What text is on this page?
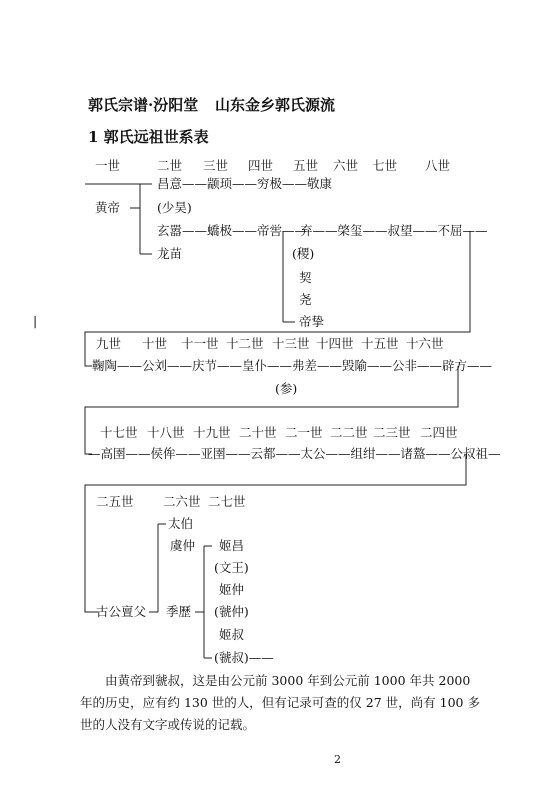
|
郭氏宗谱·汾阳堂 山东金乡郭氏源流
1 郭氏远祖世系表
一世	二世 三世 四世 五世 六世 七世 八世
黄帝
昌意——颛顼——穷极——敬康
(少昊)
玄嚣——蟜极——帝喾——
弃——棨玺——叔望——不屈——
(稷)
契
尧
帝挚
龙苗
九世 十世 十一世 十二世 十三世 十四世 十五世 十六世
鞠陶——公刘——庆节——皇仆——弗差——毁隃——公非——辟方——
(参)
十七世 十八世 十九世 二十世 二一世 二二世 二三世 二四世
—高圉——侯侔——亚圉——云都——太公——组绀——诸盩——公叔祖—
二五世 二六世 二七世
太伯
虞仲
古公亶父 季歷
姬昌
(文王)
姬仲
(虢仲)
姬叔
(虢叔)——
由黄帝到虢叔，这是由公元前 3000 年到公元前 1000 年共 2000 年的历史，应有约 130 世的人，但有记录可查的仅 27 世，尚有 100 多世的人没有文字或传说的记载。
2
